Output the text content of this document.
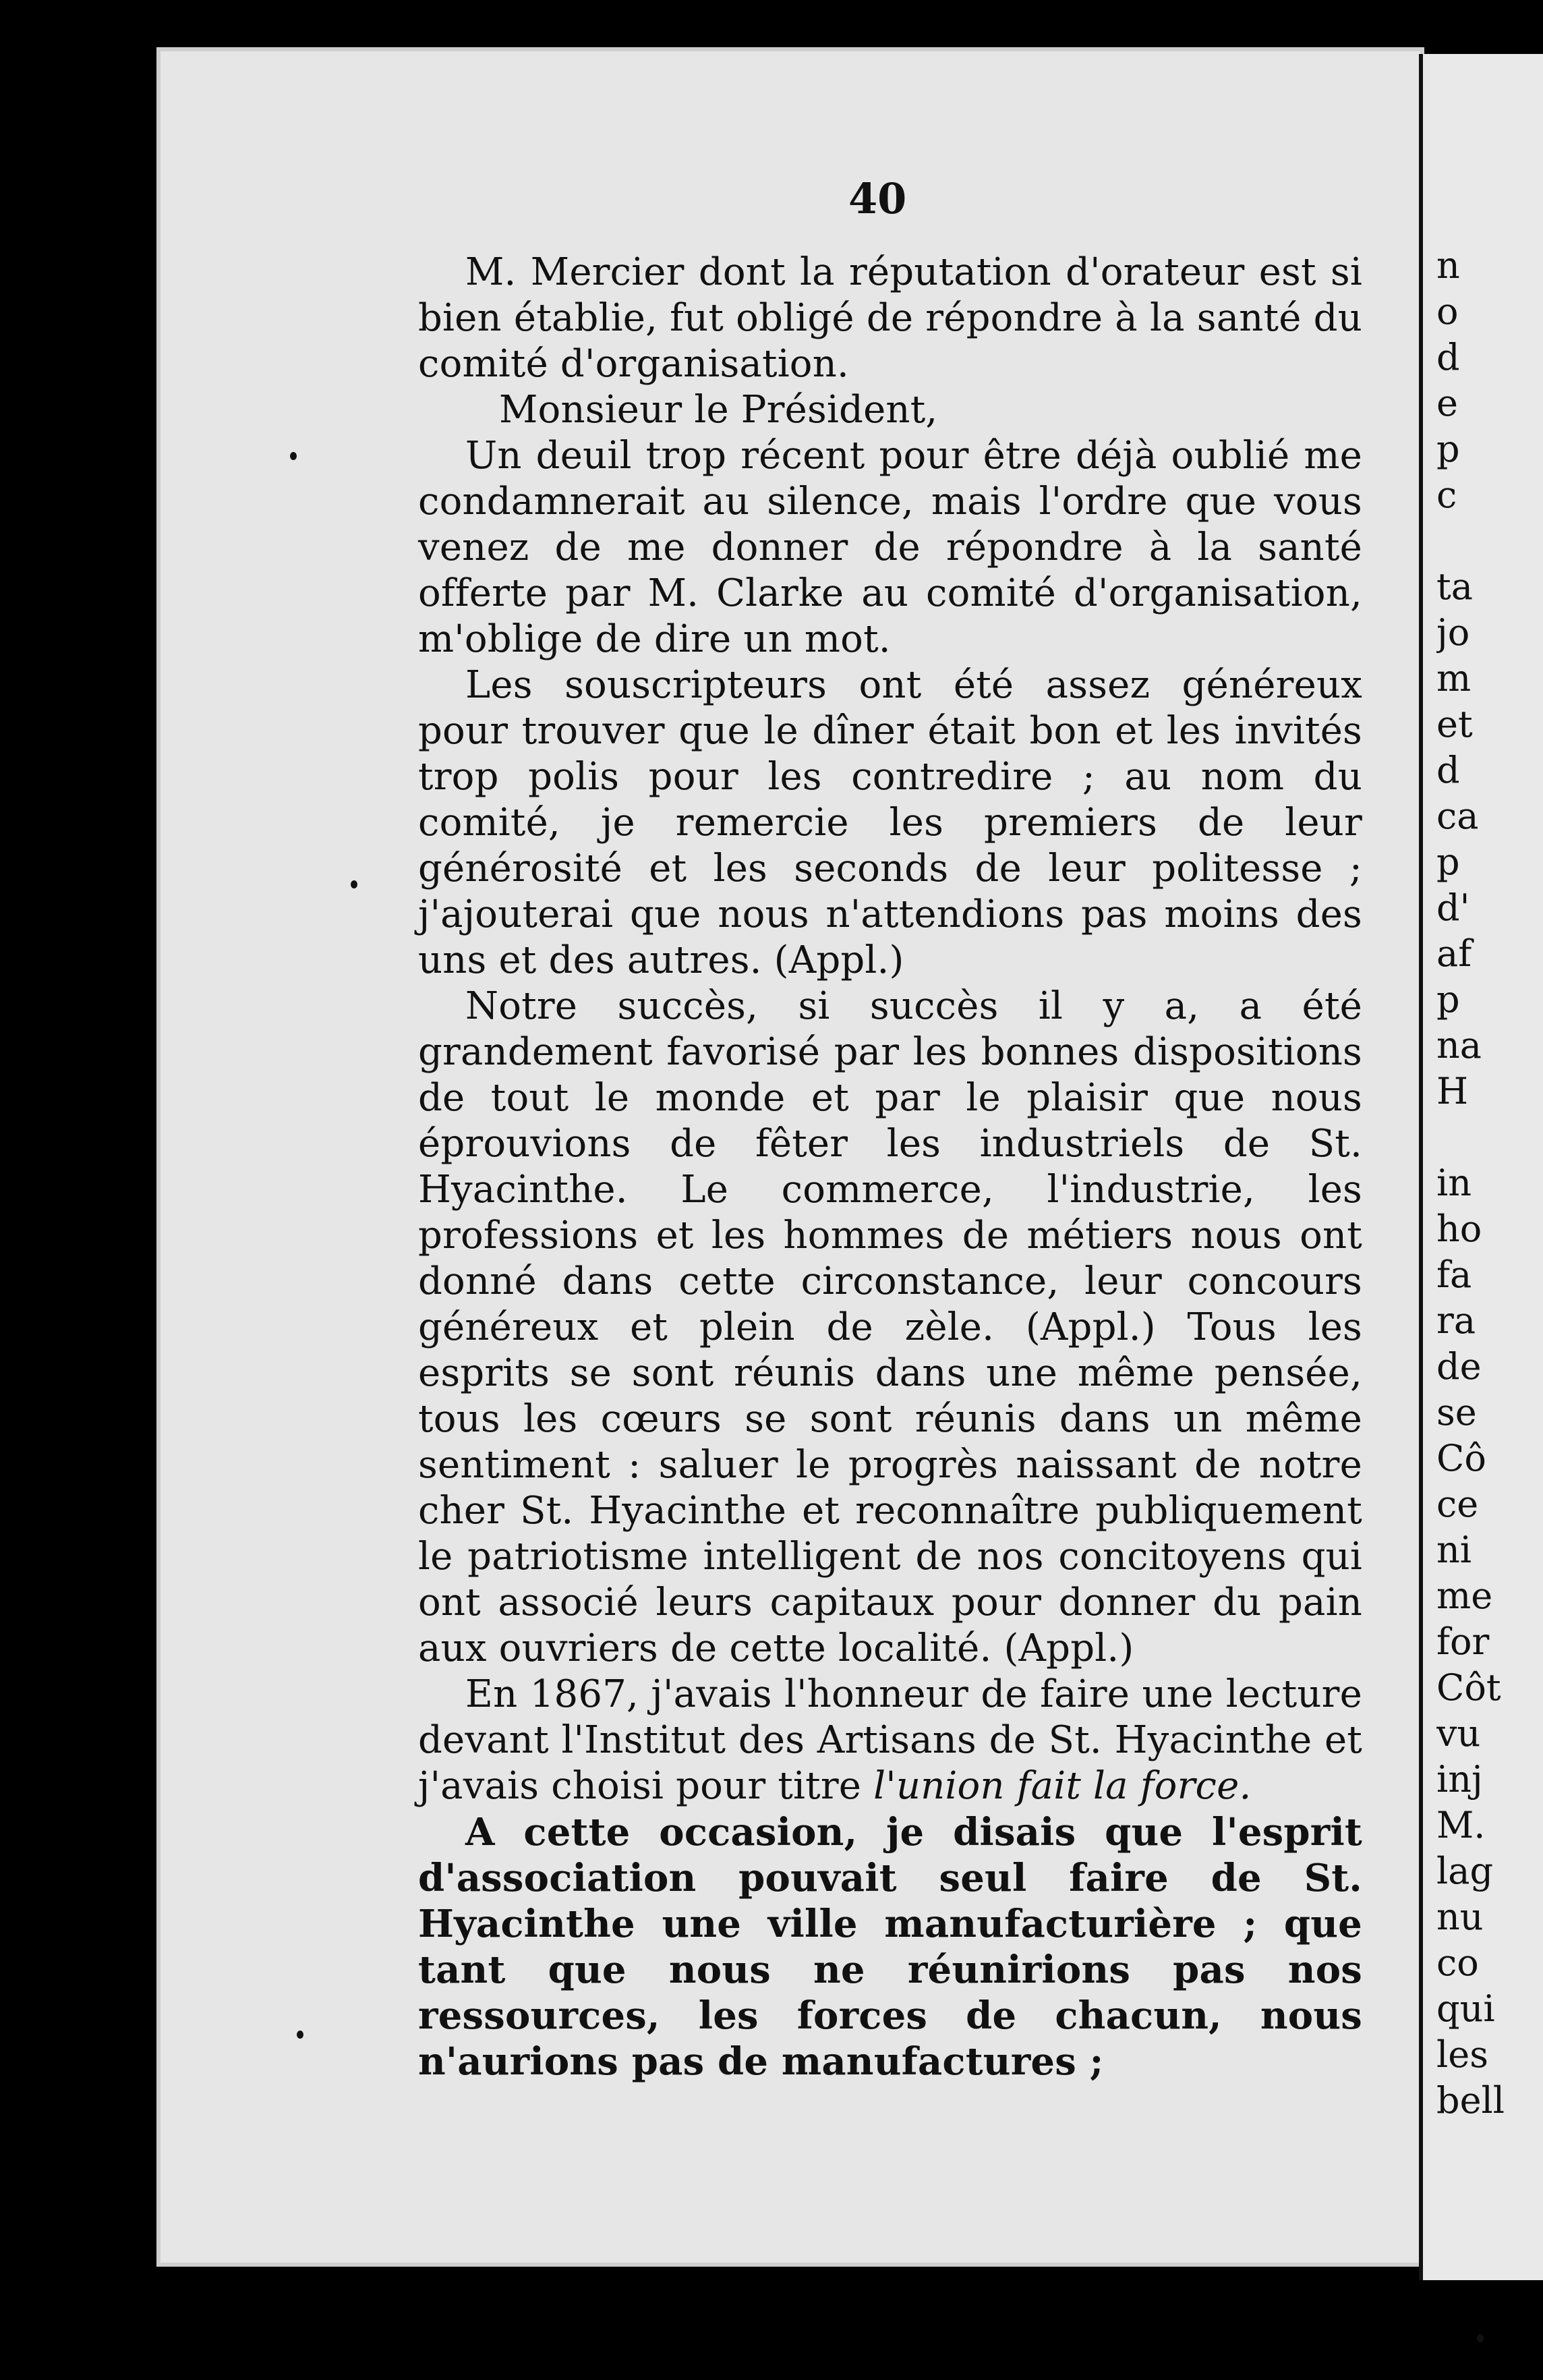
40

M. Mercier dont la réputation d'orateur est si bien établie, fut obligé de répondre à la santé du comité d'organisation.

Monsieur le Président,

Un deuil trop récent pour être déjà oublié me condamnerait au silence, mais l'ordre que vous venez de me donner de répondre à la santé offerte par M. Clarke au comité d'organisation, m'oblige de dire un mot.

Les souscripteurs ont été assez généreux pour trouver que le dîner était bon et les invités trop polis pour les contredire ; au nom du comité, je remercie les premiers de leur générosité et les seconds de leur politesse ; j'ajouterai que nous n'attendions pas moins des uns et des autres. (Appl.)

Notre succès, si succès il y a, a été grandement favorisé par les bonnes dispositions de tout le monde et par le plaisir que nous éprouvions de fêter les industriels de St. Hyacinthe. Le commerce, l'industrie, les professions et les hommes de métiers nous ont donné dans cette circonstance, leur concours généreux et plein de zèle. (Appl.) Tous les esprits se sont réunis dans une même pensée, tous les cœurs se sont réunis dans un même sentiment : saluer le progrès naissant de notre cher St. Hyacinthe et reconnaître publiquement le patriotisme intelligent de nos concitoyens qui ont associé leurs capitaux pour donner du pain aux ouvriers de cette localité. (Appl.)

En 1867, j'avais l'honneur de faire une lecture devant l'Institut des Artisans de St. Hyacinthe et j'avais choisi pour titre l'union fait la force.

A cette occasion, je disais que l'esprit d'association pouvait seul faire de St. Hyacinthe une ville manufacturière ; que tant que nous ne réunirions pas nos ressources, les forces de chacun, nous n'aurions pas de manufactures ;

n
o
d
e
p
c
ta
jo
m
et
d
ca
p
d'
af
p
na
H
in
ho
fa
ra
de
se
Cô
ce
ni
me
for
Côt
vu
inj
M.
lag
nu
co
qui
les
bell
